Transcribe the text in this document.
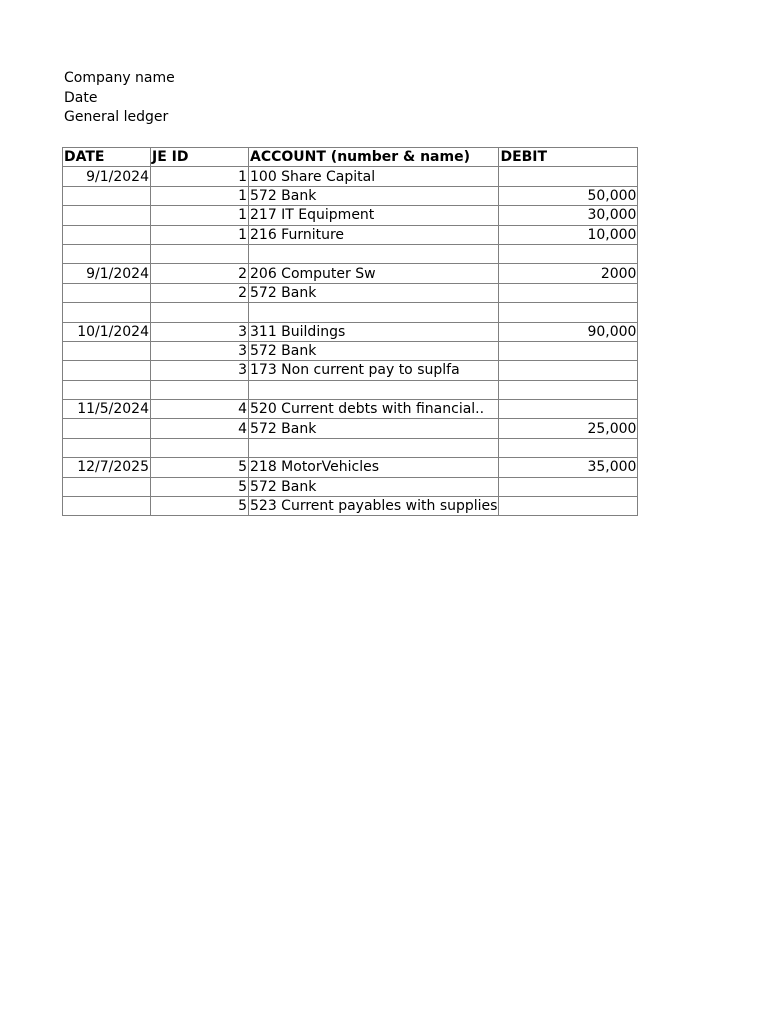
Company name
Date
General ledger
DATE	JE ID	ACCOUNT (number & name)	DEBIT
9/1/2024	1	100 Share Capital	
	1	572 Bank	50,000
	1	217 IT Equipment	30,000
	1	216 Furniture	10,000

9/1/2024	2	206 Computer Sw	2000
	2	572 Bank	

10/1/2024	3	311 Buildings	90,000
	3	572 Bank	
	3	173 Non current pay to suplfa	

11/5/2024	4	520 Current debts with financial..	
	4	572 Bank	25,000

12/7/2025	5	218 MotorVehicles	35,000
	5	572 Bank	
	5	523 Current payables with supplies	
